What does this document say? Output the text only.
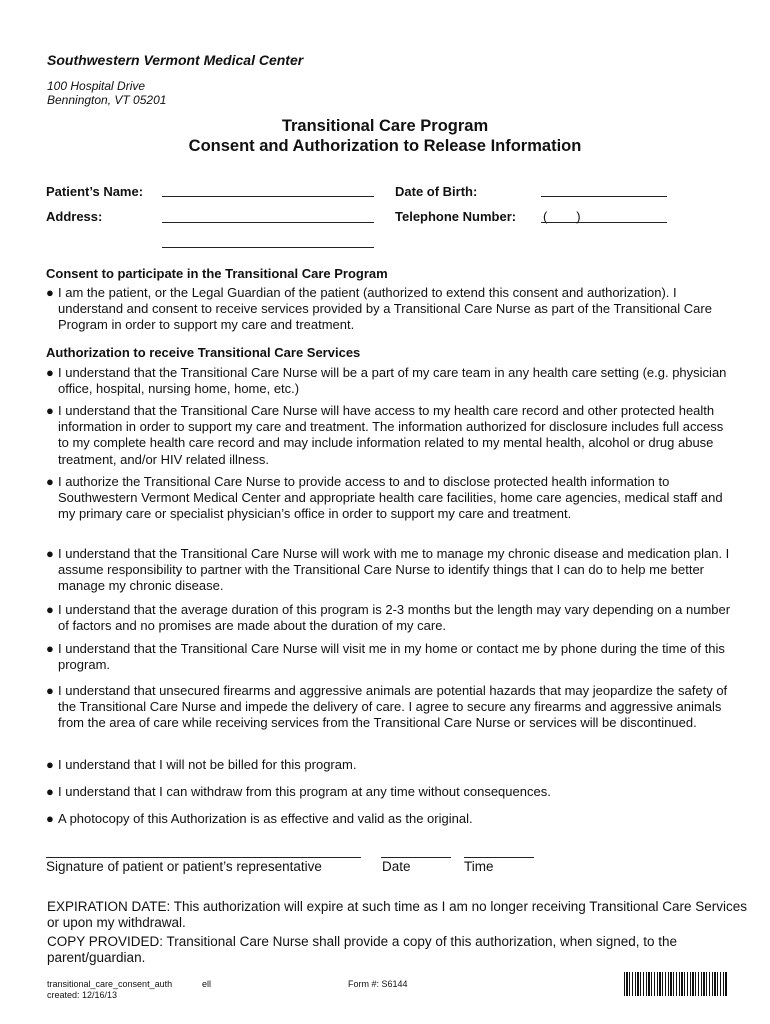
Southwestern Vermont Medical Center
100 Hospital Drive
Bennington, VT 05201
Transitional Care Program
Consent and Authorization to Release Information
Patient’s Name:	Date of Birth:
Address:	Telephone Number: (        )
Consent to participate in the Transitional Care Program
● I am the patient, or the Legal Guardian of the patient (authorized to extend this consent and authorization). I understand and consent to receive services provided by a Transitional Care Nurse as part of the Transitional Care Program in order to support my care and treatment.
Authorization to receive Transitional Care Services
● I understand that the Transitional Care Nurse will be a part of my care team in any health care setting (e.g. physician office, hospital, nursing home, home, etc.)
● I understand that the Transitional Care Nurse will have access to my health care record and other protected health information in order to support my care and treatment. The information authorized for disclosure includes full access to my complete health care record and may include information related to my mental health, alcohol or drug abuse treatment, and/or HIV related illness.
● I authorize the Transitional Care Nurse to provide access to and to disclose protected health information to Southwestern Vermont Medical Center and appropriate health care facilities, home care agencies, medical staff and my primary care or specialist physician’s office in order to support my care and treatment.
● I understand that the Transitional Care Nurse will work with me to manage my chronic disease and medication plan. I assume responsibility to partner with the Transitional Care Nurse to identify things that I can do to help me better manage my chronic disease.
● I understand that the average duration of this program is 2-3 months but the length may vary depending on a number of factors and no promises are made about the duration of my care.
● I understand that the Transitional Care Nurse will visit me in my home or contact me by phone during the time of this program.
● I understand that unsecured firearms and aggressive animals are potential hazards that may jeopardize the safety of the Transitional Care Nurse and impede the delivery of care. I agree to secure any firearms and aggressive animals from the area of care while receiving services from the Transitional Care Nurse or services will be discontinued.
● I understand that I will not be billed for this program.
● I understand that I can withdraw from this program at any time without consequences.
● A photocopy of this Authorization is as effective and valid as the original.
Signature of patient or patient’s representative	Date	Time
EXPIRATION DATE: This authorization will expire at such time as I am no longer receiving Transitional Care Services or upon my withdrawal.
COPY PROVIDED: Transitional Care Nurse shall provide a copy of this authorization, when signed, to the parent/guardian.
transitional_care_consent_auth	ell
created: 12/16/13
Form #: S6144
